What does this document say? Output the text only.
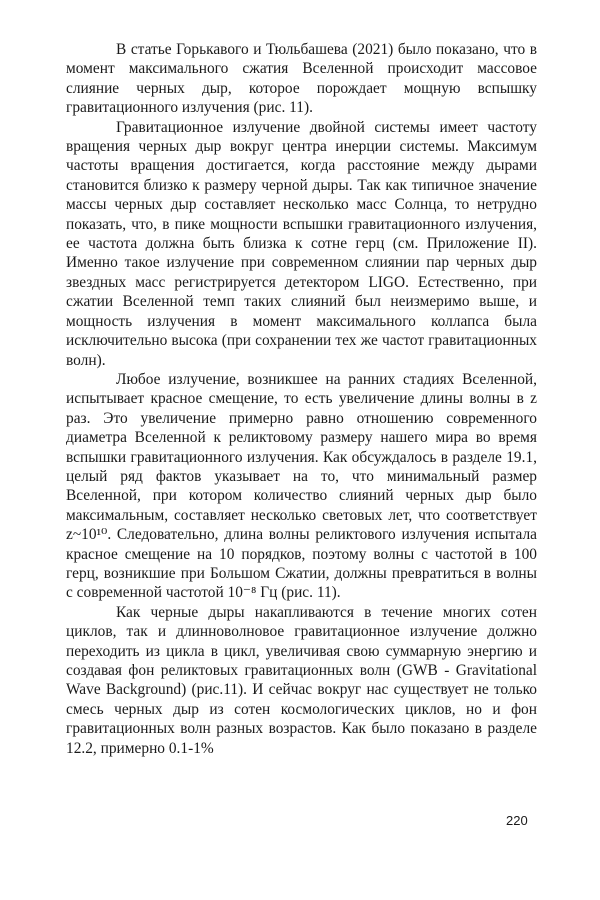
В статье Горькавого и Тюльбашева (2021) было показано, что в момент максимального сжатия Вселенной происходит массовое слияние черных дыр, которое порождает мощную вспышку гравитационного излучения (рис. 11).

Гравитационное излучение двойной системы имеет частоту вращения черных дыр вокруг центра инерции системы. Максимум частоты вращения достигается, когда расстояние между дырами становится близко к размеру черной дыры. Так как типичное значение массы черных дыр составляет несколько масс Солнца, то нетрудно показать, что, в пике мощности вспышки гравитационного излучения, ее частота должна быть близка к сотне герц (см. Приложение II). Именно такое излучение при современном слиянии пар черных дыр звездных масс регистрируется детектором LIGO. Естественно, при сжатии Вселенной темп таких слияний был неизмеримо выше, и мощность излучения в момент максимального коллапса была исключительно высока (при сохранении тех же частот гравитационных волн).

Любое излучение, возникшее на ранних стадиях Вселенной, испытывает красное смещение, то есть увеличение длины волны в z раз. Это увеличение примерно равно отношению современного диаметра Вселенной к реликтовому размеру нашего мира во время вспышки гравитационного излучения. Как обсуждалось в разделе 19.1, целый ряд фактов указывает на то, что минимальный размер Вселенной, при котором количество слияний черных дыр было максимальным, составляет несколько световых лет, что соответствует z~10¹⁰. Следовательно, длина волны реликтового излучения испытала красное смещение на 10 порядков, поэтому волны с частотой в 100 герц, возникшие при Большом Сжатии, должны превратиться в волны с современной частотой 10⁻⁸ Гц (рис. 11).

Как черные дыры накапливаются в течение многих сотен циклов, так и длинноволновое гравитационное излучение должно переходить из цикла в цикл, увеличивая свою суммарную энергию и создавая фон реликтовых гравитационных волн (GWB - Gravitational Wave Background) (рис.11). И сейчас вокруг нас существует не только смесь черных дыр из сотен космологических циклов, но и фон гравитационных волн разных возрастов. Как было показано в разделе 12.2, примерно 0.1-1%

220
